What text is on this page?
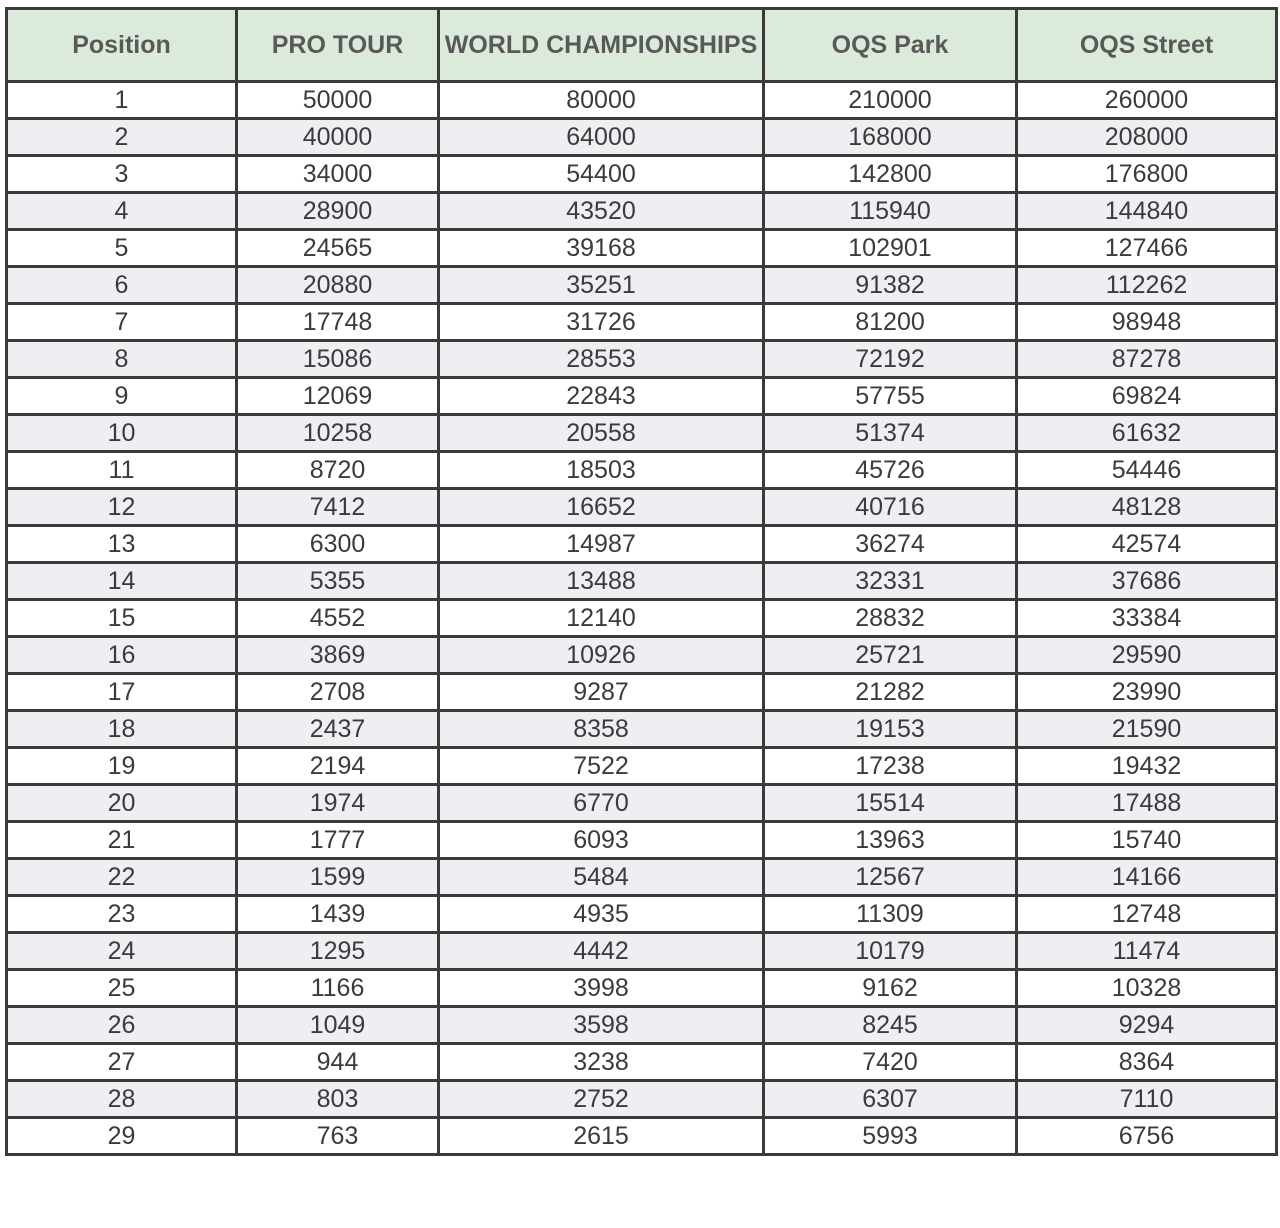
Position	PRO TOUR	WORLD CHAMPIONSHIPS	OQS Park	OQS Street
1	50000	80000	210000	260000
2	40000	64000	168000	208000
3	34000	54400	142800	176800
4	28900	43520	115940	144840
5	24565	39168	102901	127466
6	20880	35251	91382	112262
7	17748	31726	81200	98948
8	15086	28553	72192	87278
9	12069	22843	57755	69824
10	10258	20558	51374	61632
11	8720	18503	45726	54446
12	7412	16652	40716	48128
13	6300	14987	36274	42574
14	5355	13488	32331	37686
15	4552	12140	28832	33384
16	3869	10926	25721	29590
17	2708	9287	21282	23990
18	2437	8358	19153	21590
19	2194	7522	17238	19432
20	1974	6770	15514	17488
21	1777	6093	13963	15740
22	1599	5484	12567	14166
23	1439	4935	11309	12748
24	1295	4442	10179	11474
25	1166	3998	9162	10328
26	1049	3598	8245	9294
27	944	3238	7420	8364
28	803	2752	6307	7110
29	763	2615	5993	6756
